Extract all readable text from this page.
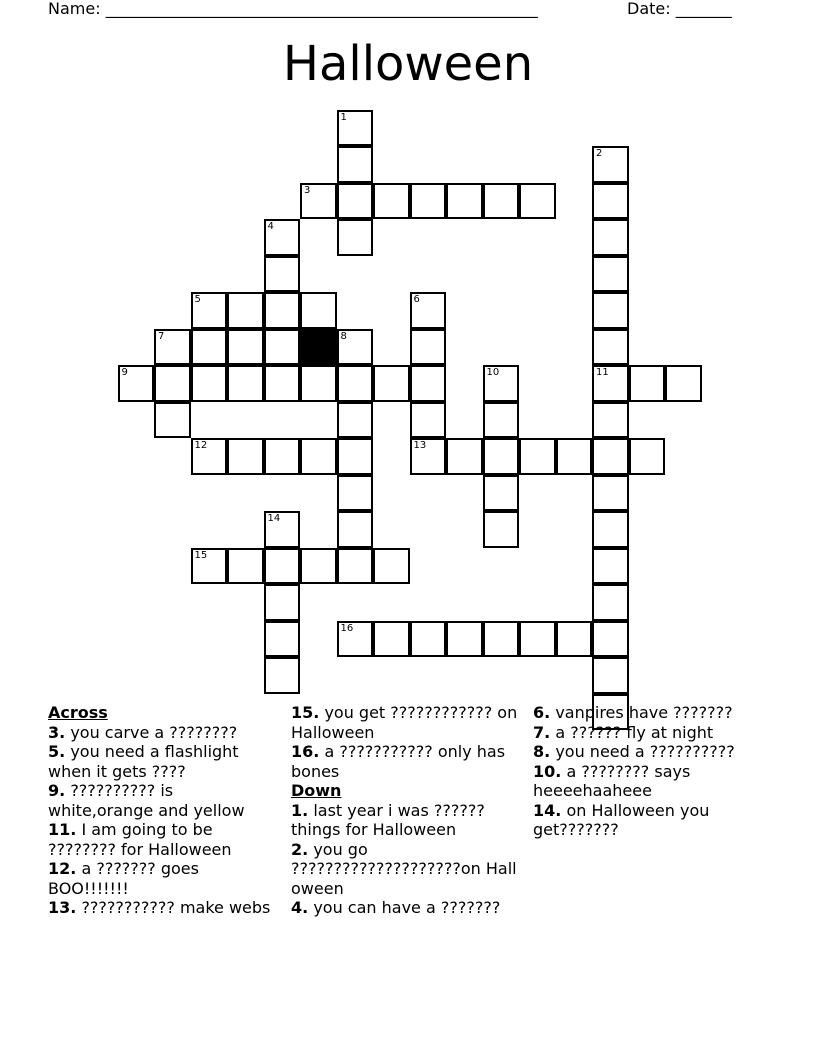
Name: ______________________________________________________	Date: _______
Halloween
3
5
7
9	11
12	13
15
16
1
2
4
6
8
10
14

Across

3. you carve a ????????

5. you need a flashlight when it gets ????

9. ?????????? is white,orange and yellow

11. I am going to be ???????? for Halloween

12. a ??????? goes BOO!!!!!!!

13. ??????????? make webs

15. you get ???????????? on Halloween

16. a ??????????? only has bones

Down

1. last year i was ?????? things for Halloween

2. you go ????????????????????on Halloween

4. you can have a ???????

6. vanpires have ???????

7. a ?????? fly at night

8. you need a ??????????

10. a ???????? says heeeehaaheee

14. on Halloween you get???????
